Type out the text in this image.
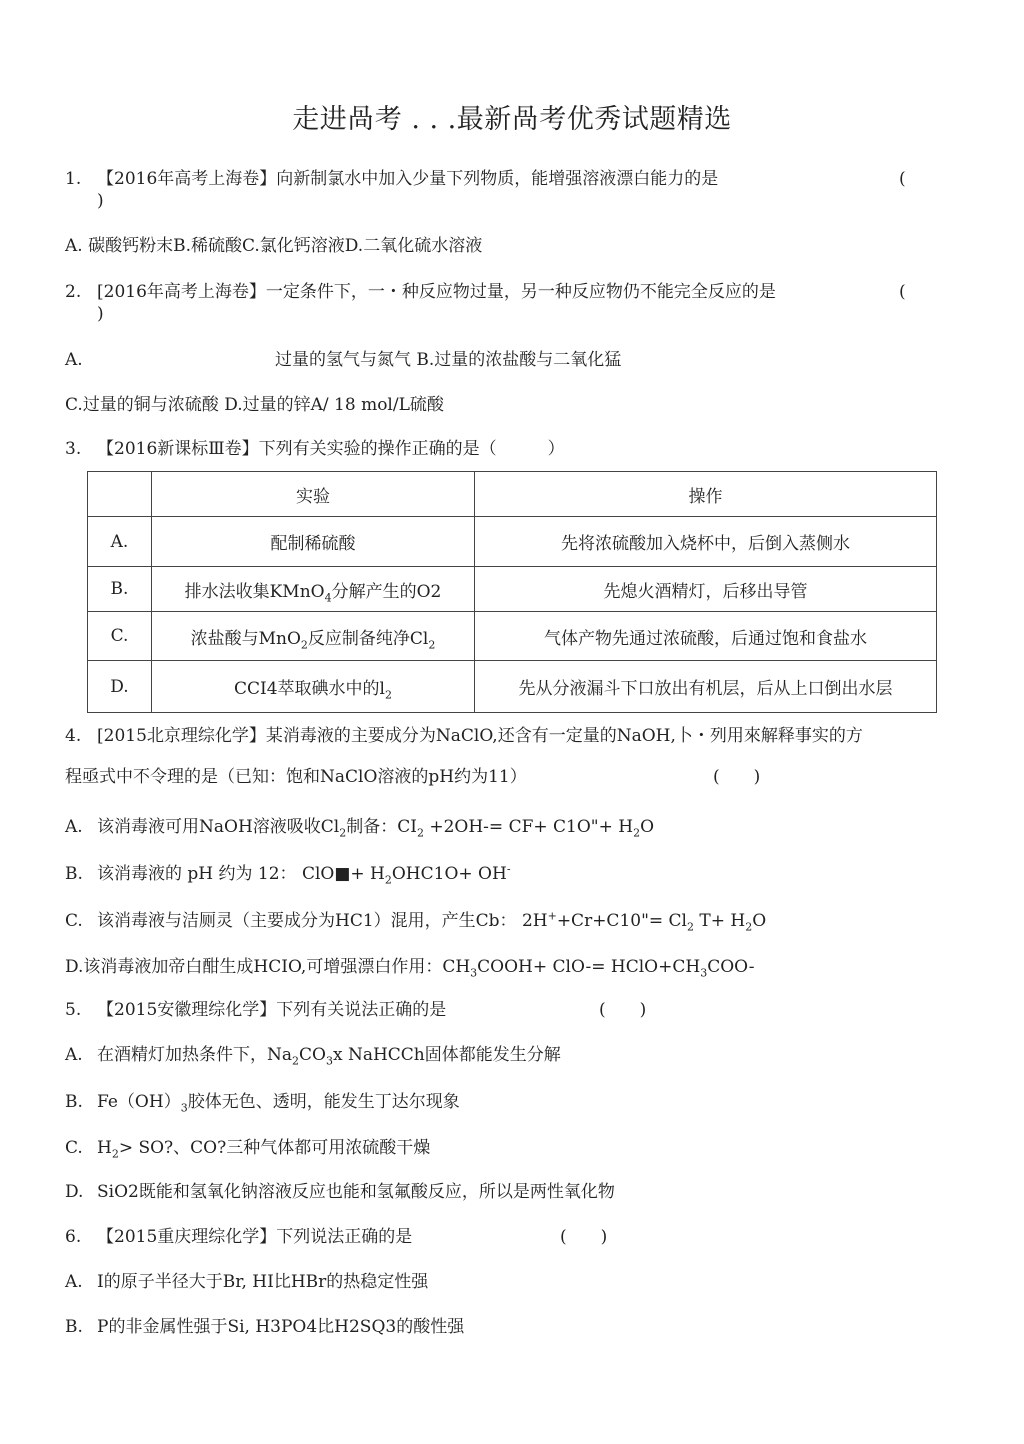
走进咼考 . . .最新咼考优秀试题精选
1. 【2016年高考上海卷】向新制氯水中加入少量下列物质，能增强溶液漂白能力的是	(
)
A. 碳酸钙粉末B.稀硫酸C.氯化钙溶液D.二氧化硫水溶液
2. [2016年高考上海卷】一定条件下，一・种反应物过量，另一种反应物仍不能完全反应的是	(
)
A.	过量的氢气与氮气 B.过量的浓盐酸与二氧化猛
C.过量的铜与浓硫酸 D.过量的锌A/ 18 mol/L硫酸
3. 【2016新课标Ⅲ卷】下列有关实验的操作正确的是（　　　）
	实验	操作
A.	配制稀硫酸	先将浓硫酸加入烧杯中，后倒入蒸侧水
B.	排水法收集KMnO$_4$分解产生的O2	先熄火酒精灯，后移出导管
C.	浓盐酸与MnO$_2$反应制备纯净$Cl_2$	气体产物先通过浓硫酸，后通过饱和食盐水
D.	CCI4萃取碘水中的$l_2$	先从分液漏斗下口放出有机层，后从上口倒出水层
4. [2015北京理综化学】某消毒液的主要成分为NaClO,还含有一定量的NaOH,卜・列用來解释事实的方
程亟式中不令理的是（已知：饱和NaClO溶液的pH约为11）	(　　)
A. 该消毒液可用NaOH溶液吸收$Cl_2$制备：$CI_2 +2OH-= CF+$ C1O"+ $H_2O$
B. 该消毒液的 pH 约为 12： ClO■+ $H_2OHC1O+ OH^-$
C. 该消毒液与洁厕灵（主要成分为HC1）混用，产生Cb： 2H++Cr+C10"= $Cl_2$ $T+ H_2O$
D.该消毒液加帝白酣生成HCIO,可增强漂白作用：$CH_3COOH+ ClO-=$ $HClO+CH_3COO-$
5. 【2015安徽理综化学】下列有关说法正确的是	(　　)
A. 在酒精灯加热条件下，$Na_2CO_3x$ NaHCCh固体都能发生分解
B. $Fe(OH)_3$胶体无色、透明，能发生丁达尔现象
C. $H_2>$ SO?、CO?三种气体都可用浓硫酸干燥
D. SiO2既能和氢氧化钠溶液反应也能和氢氟酸反应，所以是两性氧化物
6. 【2015重庆理综化学】下列说法正确的是	(　　)
A. I的原子半径大于Br, HI比HBr的热稳定性强
B. P的非金属性强于Si, H3PO4比H2SQ3的酸性强
